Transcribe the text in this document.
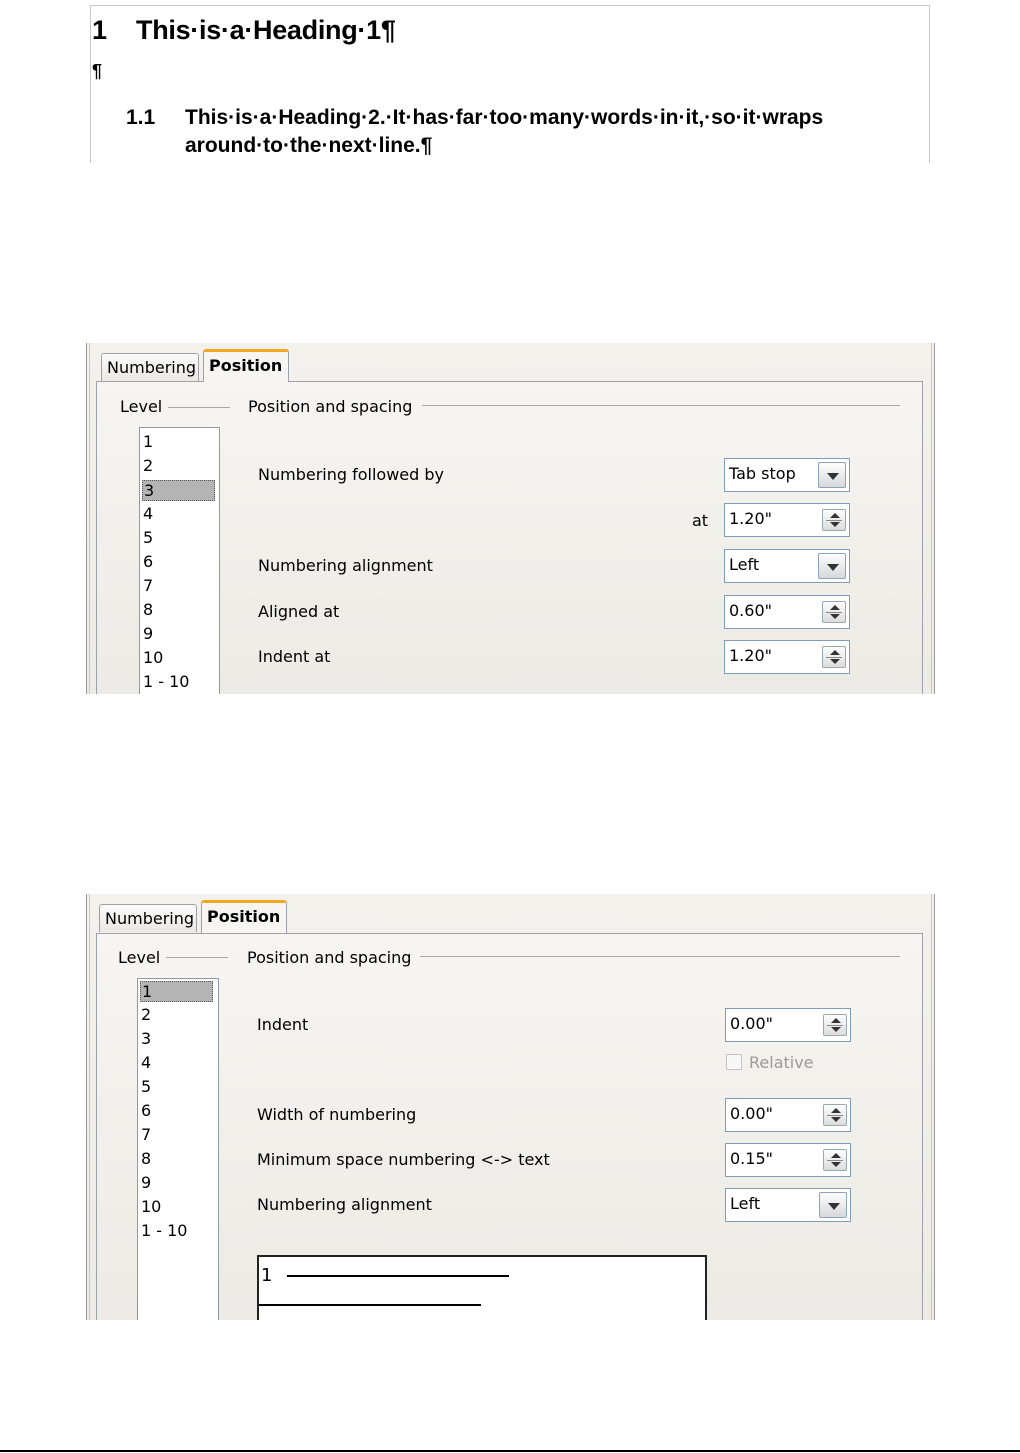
1 This·is·a·Heading·1¶
¶
1.1 This·is·a·Heading·2.·It·has·far·too·many·words·in·it,·so·it·wraps around·to·the·next·line.¶
Numbering Position
Level	Position and spacing
1
2
3
4
5
6
7
8
9
10
1 - 10
Numbering followed by	Tab stop
at 1.20"
Numbering alignment	Left
Aligned at	0.60"
Indent at	1.20"
Numbering Position
Level	Position and spacing
1
2
3
4
5
6
7
8
9
10
1 - 10
Indent	0.00"
Relative
Width of numbering	0.00"
Minimum space numbering <-> text	0.15"
Numbering alignment	Left
1
